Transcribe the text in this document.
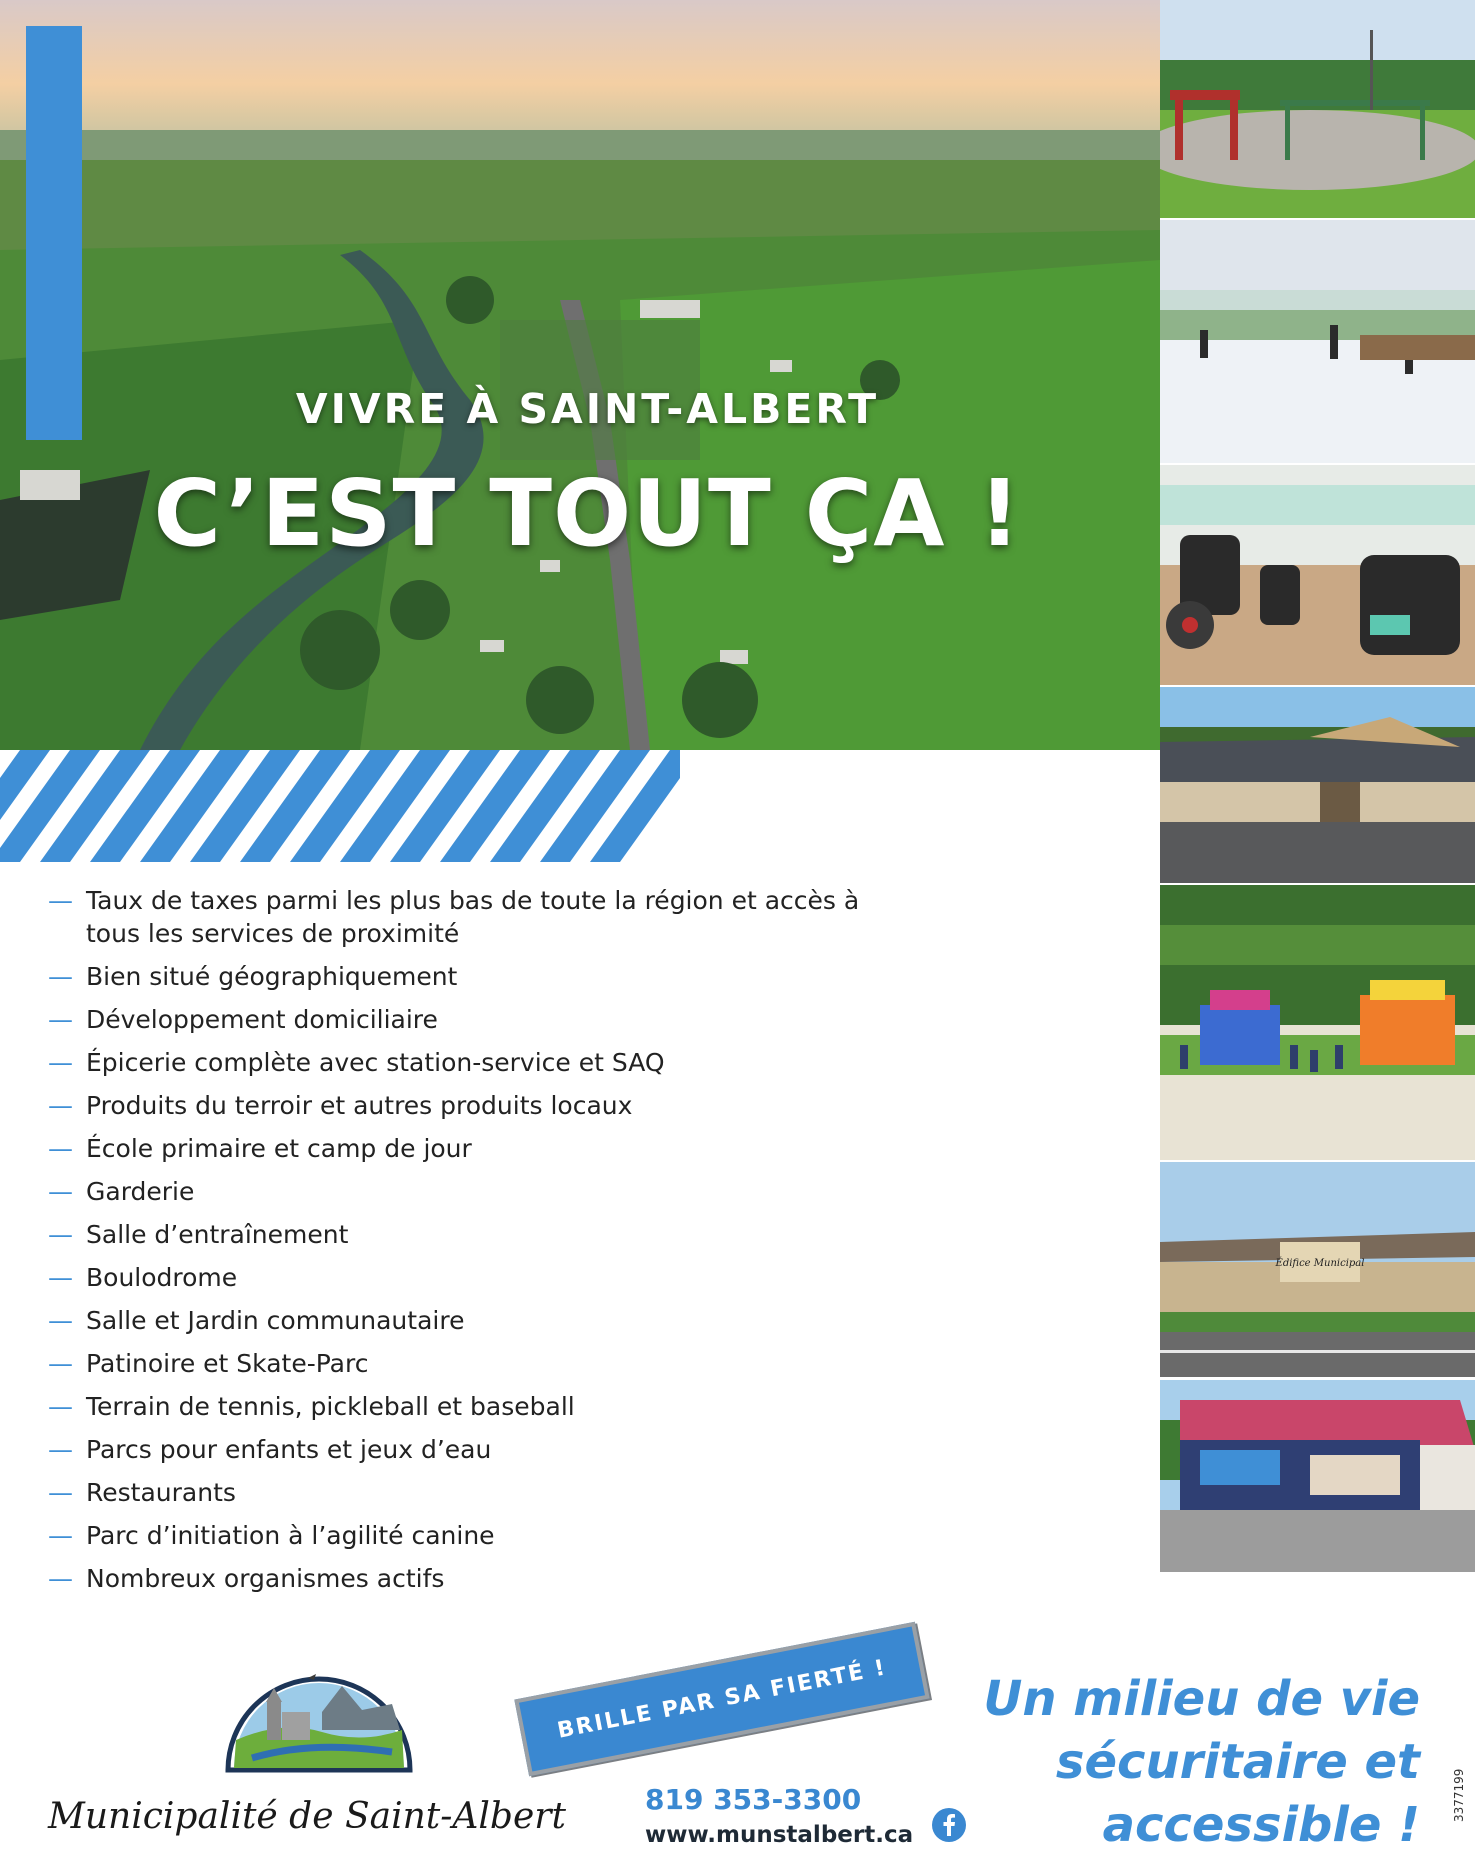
VIVRE À SAINT-ALBERT
C’EST TOUT ÇA !
Édifice Municipal
— Taux de taxes parmi les plus bas de toute la région et accès à tous les services de proximité
— Bien situé géographiquement
— Développement domiciliaire
— Épicerie complète avec station-service et SAQ
— Produits du terroir et autres produits locaux
— École primaire et camp de jour
— Garderie
— Salle d’entraînement
— Boulodrome
— Salle et Jardin communautaire
— Patinoire et Skate-Parc
— Terrain de tennis, pickleball et baseball
— Parcs pour enfants et jeux d’eau
— Restaurants
— Parc d’initiation à l’agilité canine
— Nombreux organismes actifs
Municipalité de Saint-Albert
BRILLE PAR SA FIERTÉ !
819 353-3300
www.munstalbert.ca
Un milieu de vie sécuritaire et accessible !
3377199
